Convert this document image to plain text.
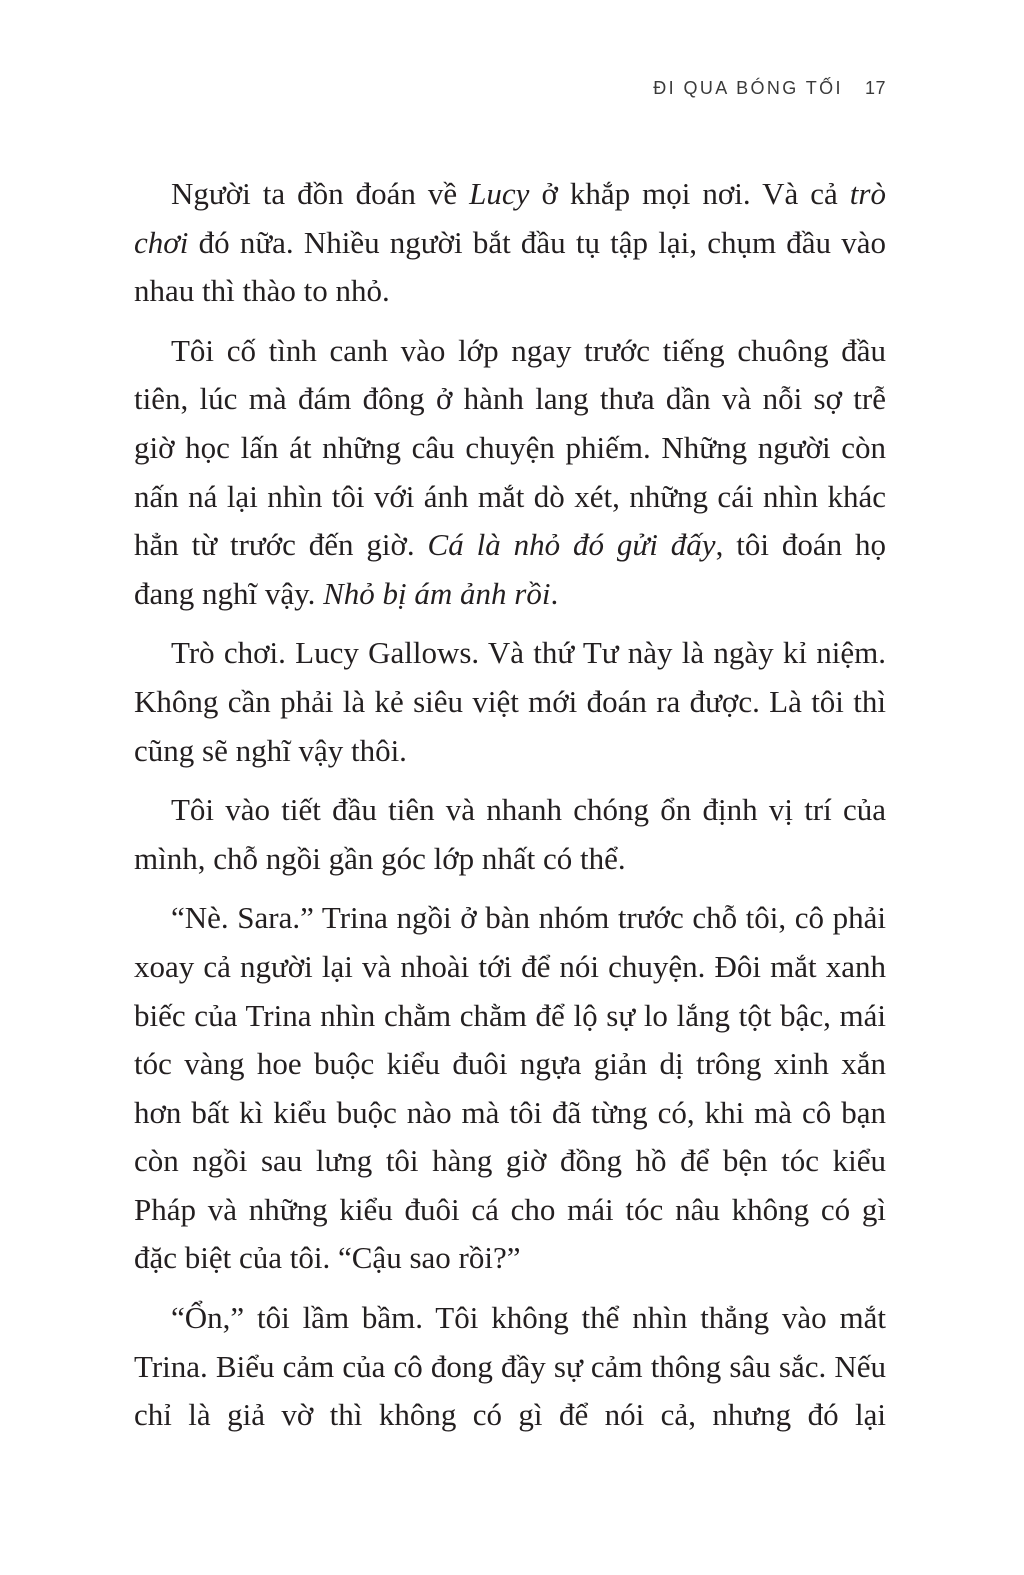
ĐI QUA BÓNG TỐI 17

Người ta đồn đoán về Lucy ở khắp mọi nơi. Và cả trò chơi đó nữa. Nhiều người bắt đầu tụ tập lại, chụm đầu vào nhau thì thào to nhỏ.

Tôi cố tình canh vào lớp ngay trước tiếng chuông đầu tiên, lúc mà đám đông ở hành lang thưa dần và nỗi sợ trễ giờ học lấn át những câu chuyện phiếm. Những người còn nấn ná lại nhìn tôi với ánh mắt dò xét, những cái nhìn khác hẳn từ trước đến giờ. Cá là nhỏ đó gửi đấy, tôi đoán họ đang nghĩ vậy. Nhỏ bị ám ảnh rồi.

Trò chơi. Lucy Gallows. Và thứ Tư này là ngày kỉ niệm. Không cần phải là kẻ siêu việt mới đoán ra được. Là tôi thì cũng sẽ nghĩ vậy thôi.

Tôi vào tiết đầu tiên và nhanh chóng ổn định vị trí của mình, chỗ ngồi gần góc lớp nhất có thể.

“Nè. Sara.” Trina ngồi ở bàn nhóm trước chỗ tôi, cô phải xoay cả người lại và nhoài tới để nói chuyện. Đôi mắt xanh biếc của Trina nhìn chằm chằm để lộ sự lo lắng tột bậc, mái tóc vàng hoe buộc kiểu đuôi ngựa giản dị trông xinh xắn hơn bất kì kiểu buộc nào mà tôi đã từng có, khi mà cô bạn còn ngồi sau lưng tôi hàng giờ đồng hồ để bện tóc kiểu Pháp và những kiểu đuôi cá cho mái tóc nâu không có gì đặc biệt của tôi. “Cậu sao rồi?”

“Ổn,” tôi lầm bầm. Tôi không thể nhìn thẳng vào mắt Trina. Biểu cảm của cô đong đầy sự cảm thông sâu sắc. Nếu chỉ là giả vờ thì không có gì để nói cả, nhưng đó lại
